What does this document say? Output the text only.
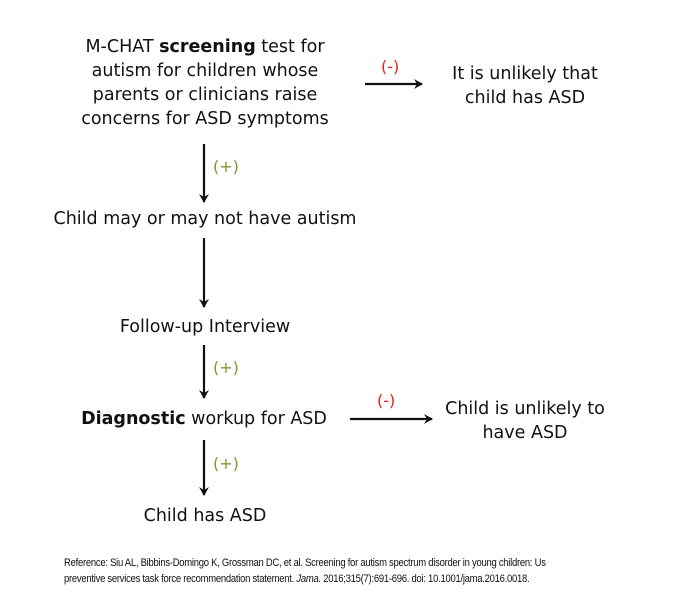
M-CHAT screening test for
autism for children whose
parents or clinicians raise
concerns for ASD symptoms
(-)	It is unlikely that
child has ASD
(+)
Child may or may not have autism
Follow-up Interview
(+)
Diagnostic workup for ASD
(-)	Child is unlikely to
have ASD
(+)
Child has ASD
Reference: Siu AL, Bibbins-Domingo K, Grossman DC, et al. Screening for autism spectrum disorder in young children: Us
preventive services task force recommendation statement. Jama. 2016;315(7):691-696. doi: 10.1001/jama.2016.0018.
